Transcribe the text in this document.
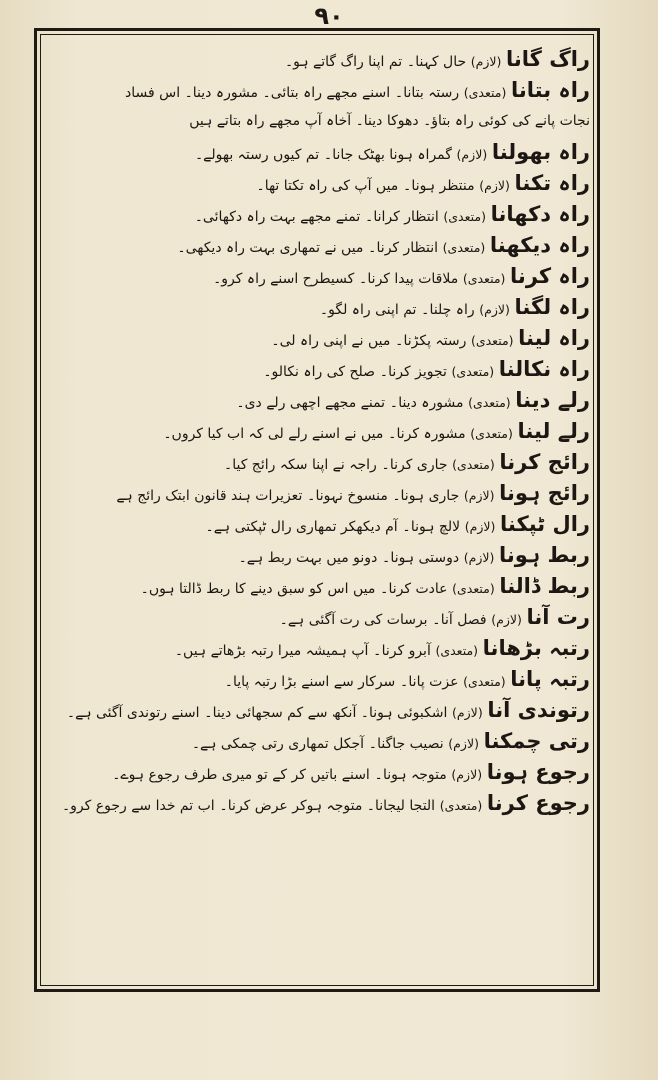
۹۰
راگ گانا (لازم) حال کہنا۔ تم اپنا راگ گاتے ہو۔
راہ بتانا (متعدی) رستہ بتانا۔ اسنے مجھے راہ بتائی۔ مشورہ دینا۔ اس فساد
نجات پانے کی کوئی راہ بتاؤ۔ دھوکا دینا۔ آخاہ آپ مجھے راہ بتاتے ہیں
راہ بھولنا (لازم) گمراہ ہونا بھٹک جانا۔ تم کیوں رستہ بھولے۔
راہ تکنا (لازم) منتظر ہونا۔ میں آپ کی راہ تکتا تھا۔
راہ دکھانا (متعدی) انتظار کرانا۔ تمنے مجھے بہت راہ دکھائی۔
راہ دیکھنا (متعدی) انتظار کرنا۔ میں نے تمھاری بہت راہ دیکھی۔
راہ کرنا (متعدی) ملاقات پیدا کرنا۔ کسیطرح اسنے راہ کرو۔
راہ لگنا (لازم) راہ چلنا۔ تم اپنی راہ لگو۔
راہ لینا (متعدی) رستہ پکڑنا۔ میں نے اپنی راہ لی۔
راہ نکالنا (متعدی) تجویز کرنا۔ صلح کی راہ نکالو۔
رلے دینا (متعدی) مشورہ دینا۔ تمنے مجھے اچھی رلے دی۔
رلے لینا (متعدی) مشورہ کرنا۔ میں نے اسنے رلے لی کہ اب کیا کروں۔
رائج کرنا (متعدی) جاری کرنا۔ راجہ نے اپنا سکہ رائج کیا۔
رائج ہونا (لازم) جاری ہونا۔ منسوخ نہونا۔ تعزیرات ہند قانون ابتک رائج ہے
رال ٹپکنا (لازم) لالچ ہونا۔ آم دیکھکر تمھاری رال ٹپکتی ہے۔
ربط ہونا (لازم) دوستی ہونا۔ دونو میں بہت ربط ہے۔
ربط ڈالنا (متعدی) عادت کرنا۔ میں اس کو سبق دینے کا ربط ڈالتا ہوں۔
رت آنا (لازم) فصل آنا۔ برسات کی رت آگئی ہے۔
رتبہ بڑھانا (متعدی) آبرو کرنا۔ آپ ہمیشہ میرا رتبہ بڑھاتے ہیں۔
رتبہ پانا (متعدی) عزت پانا۔ سرکار سے اسنے بڑا رتبہ پایا۔
رتوندی آنا (لازم) اشکبوئی ہونا۔ آنکھ سے کم سجھائی دینا۔ اسنے رتوندی آگئی ہے۔
رتی چمکنا (لازم) نصیب جاگنا۔ آجکل تمھاری رتی چمکی ہے۔
رجوع ہونا (لازم) متوجہ ہونا۔ اسنے باتیں کر کے تو میری طرف رجوع ہوے۔
رجوع کرنا (متعدی) التجا لیجانا۔ متوجہ ہوکر عرض کرنا۔ اب تم خدا سے رجوع کرو۔
